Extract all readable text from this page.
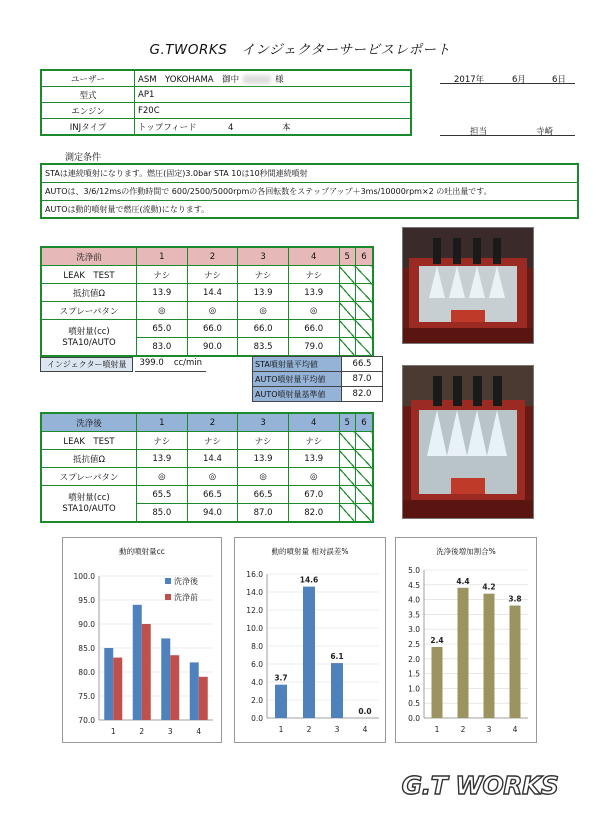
G.TWORKS　インジェクターサービスレポート
ユーザー	ASM　YOKOHAMA　御中 様
型式	AP1
エンジン	F20C
INJタイプ	トップフィード 4 本
2017年	6月	6日
担当	寺崎
測定条件
STAは連続噴射になります。燃圧(固定)3.0bar STA 10は10秒間連続噴射
AUTOは、3/6/12msの作動時間で 600/2500/5000rpmの各回転数をステップアップ＋3ms/10000rpm×2 の吐出量です。
AUTOは動的噴射量で燃圧(流動)になります。
洗浄前	1	2	3	4	5	6
LEAK　TEST	ナシ	ナシ	ナシ	ナシ		
抵抗値Ω	13.9	14.4	13.9	13.9		
スプレーパタン	◎	◎	◎	◎		
噴射量(cc)
STA10/AUTO	65.0	66.0	66.0	66.0		
	83.0	90.0	83.5	79.0		
インジェクター噴射量	399.0 cc/min	STA噴射量平均値	66.5
AUTO噴射量平均値	87.0
AUTO噴射量基準値	82.0
洗浄後	1	2	3	4	5	6
LEAK　TEST	ナシ	ナシ	ナシ	ナシ		
抵抗値Ω	13.9	14.4	13.9	13.9		
スプレーパタン	◎	◎	◎	◎		
噴射量(cc)
STA10/AUTO	65.5	66.5	66.5	67.0		
	85.0	94.0	87.0	82.0		
動的噴射量cc
70.0
75.0
80.0
85.0
90.0
95.0
100.0
1	2	3	4
洗浄後
洗浄前
動的噴射量 相対誤差%
0.0
2.0
4.0
6.0
8.0
10.0
12.0
14.0
16.0
1
3.7
2
14.6
3
6.1
4
0.0
洗浄後増加割合%
0.0
0.5
1.0
1.5
2.0
2.5
3.0
3.5
4.0
4.5
5.0
1
2.4
2
4.4
3
4.2
4
3.8
G.T WORKS
